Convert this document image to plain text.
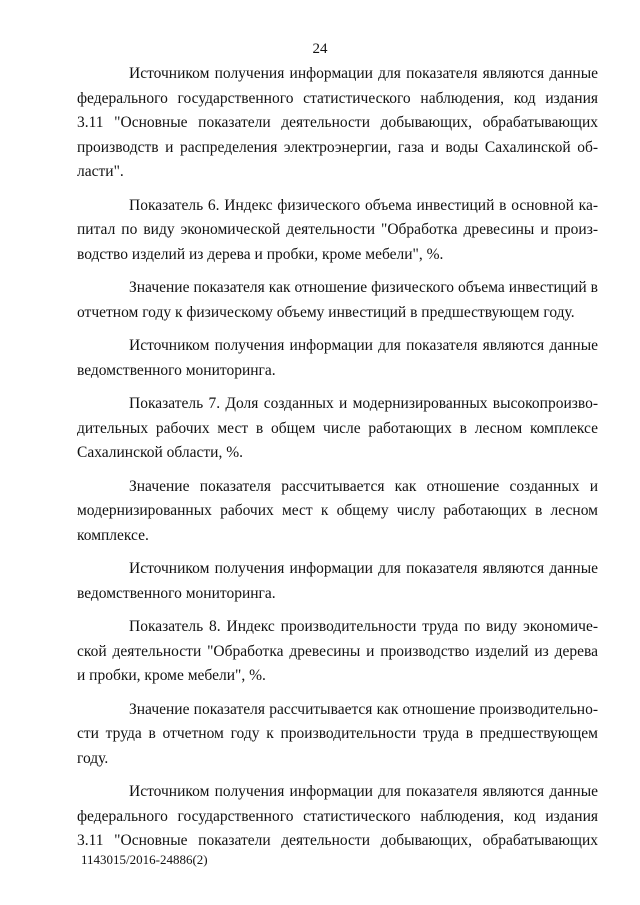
24

Источником получения информации для показателя являются данные
федерального государственного статистического наблюдения, код издания
3.11 "Основные показатели деятельности добывающих, обрабатывающих
производств и распределения электроэнергии, газа и воды Сахалинской об-
ласти".

Показатель 6. Индекс физического объема инвестиций в основной ка-
питал по виду экономической деятельности "Обработка древесины и произ-
водство изделий из дерева и пробки, кроме мебели", %.

Значение показателя как отношение физического объема инвестиций в
отчетном году к физическому объему инвестиций в предшествующем году.

Источником получения информации для показателя являются данные
ведомственного мониторинга.

Показатель 7. Доля созданных и модернизированных высокопроизво-
дительных рабочих мест в общем числе работающих в лесном комплексе
Сахалинской области, %.

Значение показателя рассчитывается как отношение созданных и
модернизированных рабочих мест к общему числу работающих в лесном
комплексе.

Источником получения информации для показателя являются данные
ведомственного мониторинга.

Показатель 8. Индекс производительности труда по виду экономиче-
ской деятельности "Обработка древесины и производство изделий из дерева
и пробки, кроме мебели", %.

Значение показателя рассчитывается как отношение производительно-
сти труда в отчетном году к производительности труда в предшествующем
году.

Источником получения информации для показателя являются данные
федерального государственного статистического наблюдения, код издания
3.11 "Основные показатели деятельности добывающих, обрабатывающих

1143015/2016-24886(2)
